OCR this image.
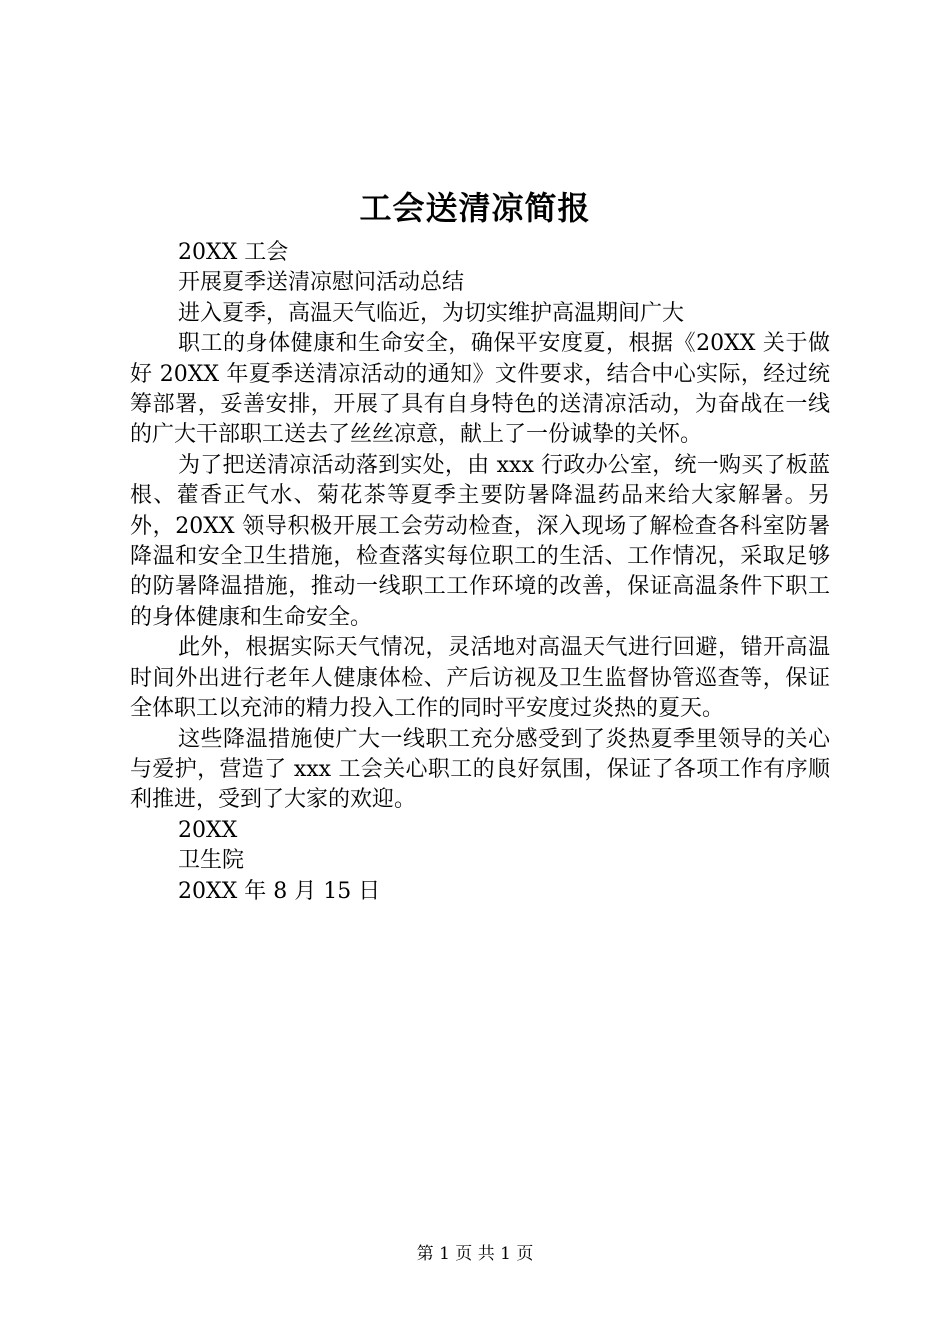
工会送清凉简报
20XX 工会
开展夏季送清凉慰问活动总结
进入夏季，高温天气临近，为切实维护高温期间广大

职工的身体健康和生命安全，确保平安度夏，根据《20XX 关于做好 20XX 年夏季送清凉活动的通知》文件要求，结合中心实际，经过统筹部署，妥善安排，开展了具有自身特色的送清凉活动，为奋战在一线的广大干部职工送去了丝丝凉意，献上了一份诚挚的关怀。

为了把送清凉活动落到实处，由 xxx 行政办公室，统一购买了板蓝根、藿香正气水、菊花茶等夏季主要防暑降温药品来给大家解暑。另外，20XX 领导积极开展工会劳动检查，深入现场了解检查各科室防暑降温和安全卫生措施，检查落实每位职工的生活、工作情况，采取足够的防暑降温措施，推动一线职工工作环境的改善，保证高温条件下职工的身体健康和生命安全。

此外，根据实际天气情况，灵活地对高温天气进行回避，错开高温时间外出进行老年人健康体检、产后访视及卫生监督协管巡查等，保证全体职工以充沛的精力投入工作的同时平安度过炎热的夏天。

这些降温措施使广大一线职工充分感受到了炎热夏季里领导的关心与爱护，营造了 xxx 工会关心职工的良好氛围，保证了各项工作有序顺利推进，受到了大家的欢迎。

20XX
卫生院
20XX 年 8 月 15 日
第 1 页 共 1 页
